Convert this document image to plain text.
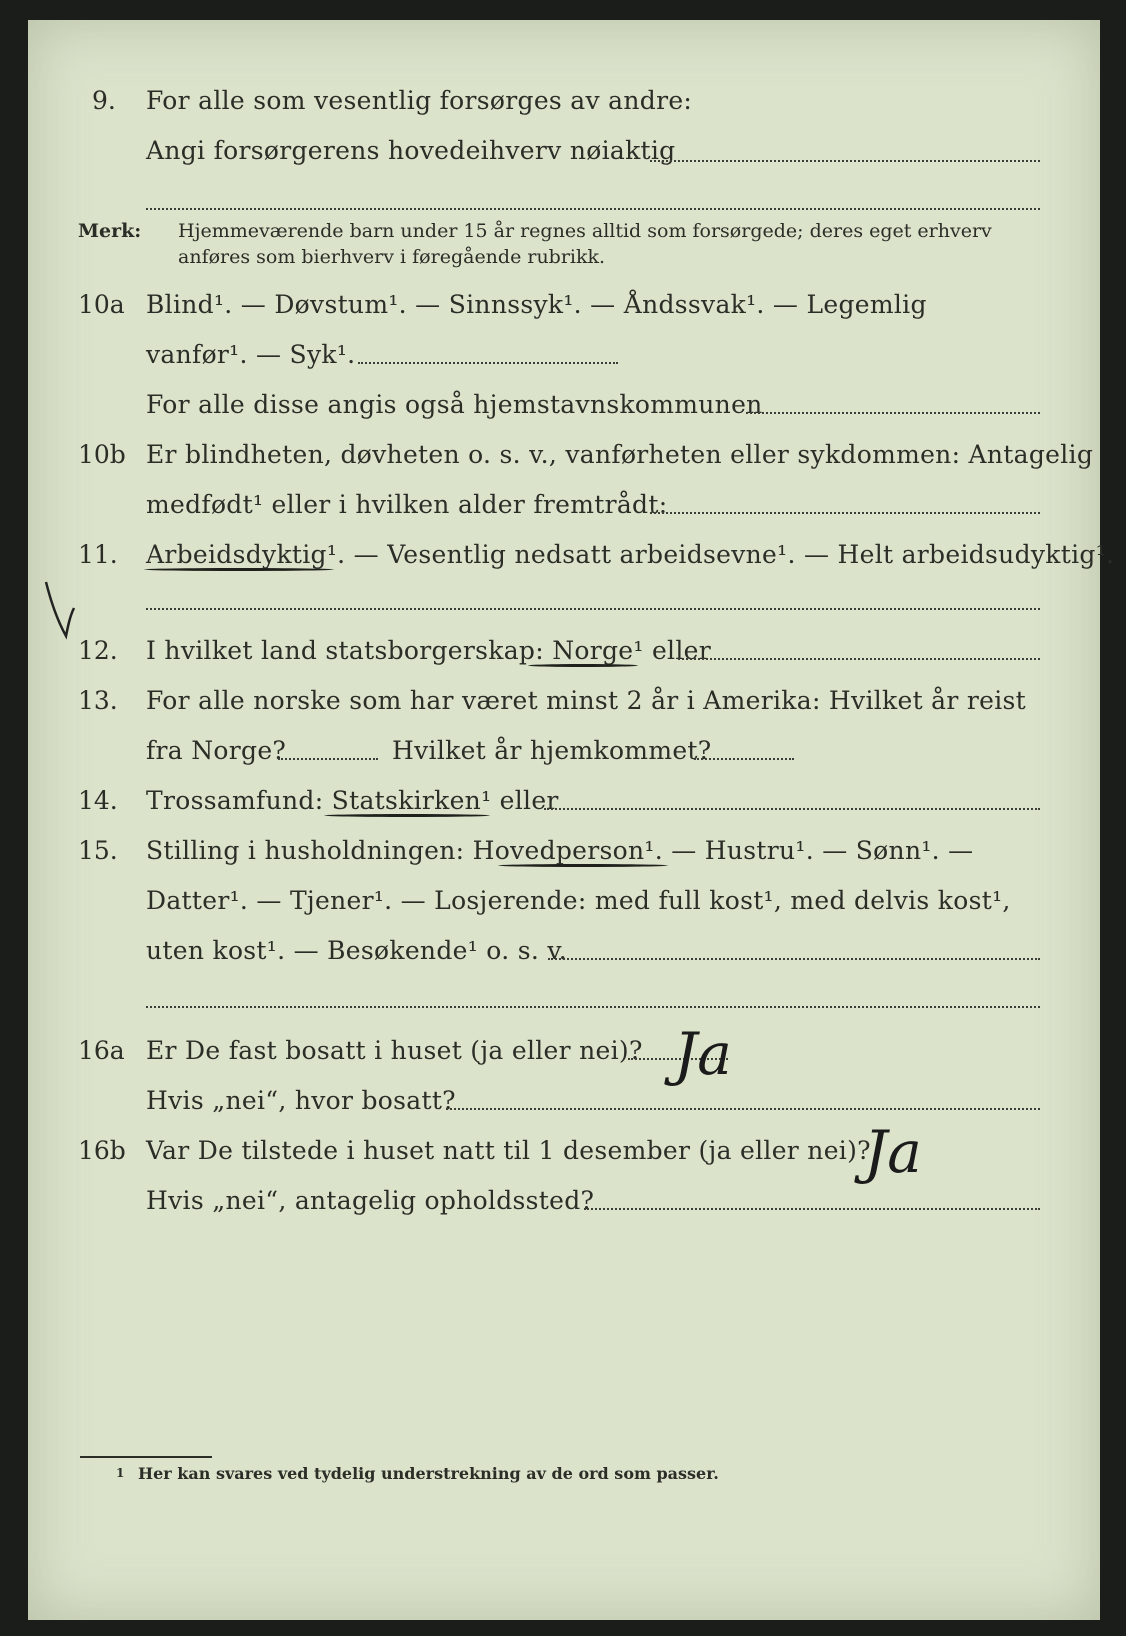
9. For alle som vesentlig forsørges av andre:
Angi forsørgerens hovedeіhverv nøiaktig
Merk: Hjemmeværende barn under 15 år regnes alltid som forsørgede; deres eget erhverv
anføres som bierhverv i føregående rubrikk.
10a Blind¹. — Døvstum¹. — Sinnssyk¹. — Åndssvak¹. — Legemlig
vanfør¹. — Syk¹.
For alle disse angis også hjemstavnskommunen
10b Er blindheten, døvheten o. s. v., vanførheten eller sykdommen: Antagelig
medfødt¹ eller i hvilken alder fremtrådt:
11. Arbeidsdyktig¹. — Vesentlig nedsatt arbeidsevne¹. — Helt arbeidsudyktig¹.
12. I hvilket land statsborgerskap: Norge¹ eller
13. For alle norske som har været minst 2 år i Amerika: Hvilket år reist
fra Norge?	Hvilket år hjemkommet?
14. Trossamfund: Statskirken¹ eller
15. Stilling i husholdningen: Hovedperson¹. — Hustru¹. — Sønn¹. —
Datter¹. — Tjener¹. — Losjerende: med full kost¹, med delvis kost¹,
uten kost¹. — Besøkende¹ o. s. v.
16a Er De fast bosatt i huset (ja eller nei)? Ja
Hvis „nei“, hvor bosatt?
16b Var De tilstede i huset natt til 1 desember (ja eller nei)?
Ja
Hvis „nei“, antagelig opholdssted?
1 Her kan svares ved tydelig understrekning av de ord som passer.
